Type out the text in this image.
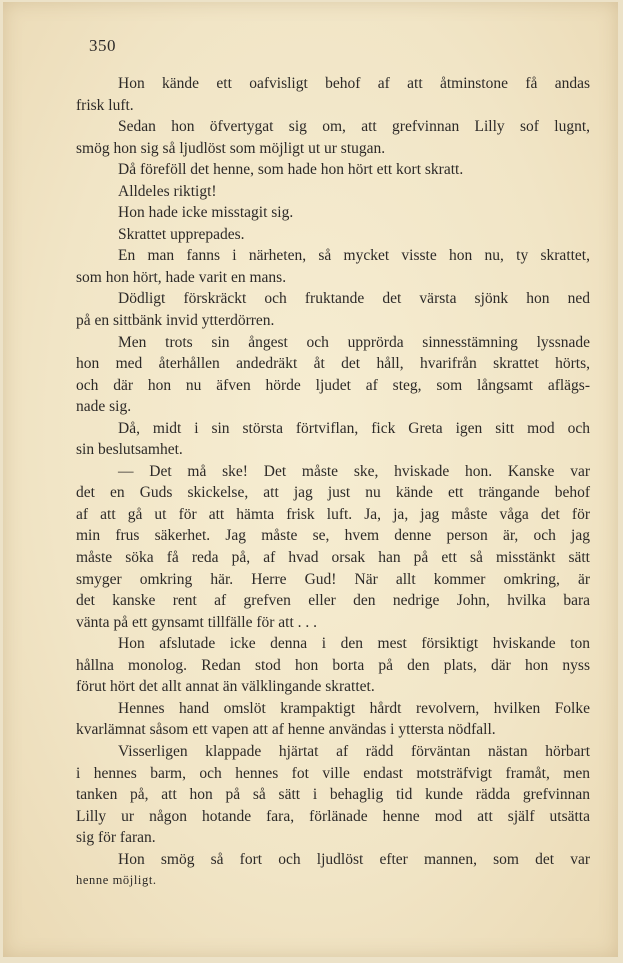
350
Hon kände ett oafvisligt behof af att åtminstone få andas
frisk luft.
Sedan hon öfvertygat sig om, att grefvinnan Lilly sof lugnt,
smög hon sig så ljudlöst som möjligt ut ur stugan.
Då föreföll det henne, som hade hon hört ett kort skratt.
Alldeles riktigt!
Hon hade icke misstagit sig.
Skrattet upprepades.
En man fanns i närheten, så mycket visste hon nu, ty skrattet,
som hon hört, hade varit en mans.
Dödligt förskräckt och fruktande det värsta sjönk hon ned
på en sittbänk invid ytterdörren.
Men trots sin ångest och upprörda sinnesstämning lyssnade
hon med återhållen andedräkt åt det håll, hvarifrån skrattet hörts,
och där hon nu äfven hörde ljudet af steg, som långsamt aflägs-
nade sig.
Då, midt i sin största förtviflan, fick Greta igen sitt mod och
sin beslutsamhet.
— Det må ske! Det måste ske, hviskade hon. Kanske var
det en Guds skickelse, att jag just nu kände ett trängande behof
af att gå ut för att hämta frisk luft. Ja, ja, jag måste våga det för
min frus säkerhet. Jag måste se, hvem denne person är, och jag
måste söka få reda på, af hvad orsak han på ett så misstänkt sätt
smyger omkring här. Herre Gud! När allt kommer omkring, är
det kanske rent af grefven eller den nedrige John, hvilka bara
vänta på ett gynsamt tillfälle för att . . .
Hon afslutade icke denna i den mest försiktigt hviskande ton
hållna monolog. Redan stod hon borta på den plats, där hon nyss
förut hört det allt annat än välklingande skrattet.
Hennes hand omslöt krampaktigt hårdt revolvern, hvilken Folke
kvarlämnat såsom ett vapen att af henne användas i yttersta nödfall.
Visserligen klappade hjärtat af rädd förväntan nästan hörbart
i hennes barm, och hennes fot ville endast motsträfvigt framåt, men
tanken på, att hon på så sätt i behaglig tid kunde rädda grefvinnan
Lilly ur någon hotande fara, förlänade henne mod att själf utsätta
sig för faran.
Hon smög så fort och ljudlöst efter mannen, som det var
henne möjligt.
